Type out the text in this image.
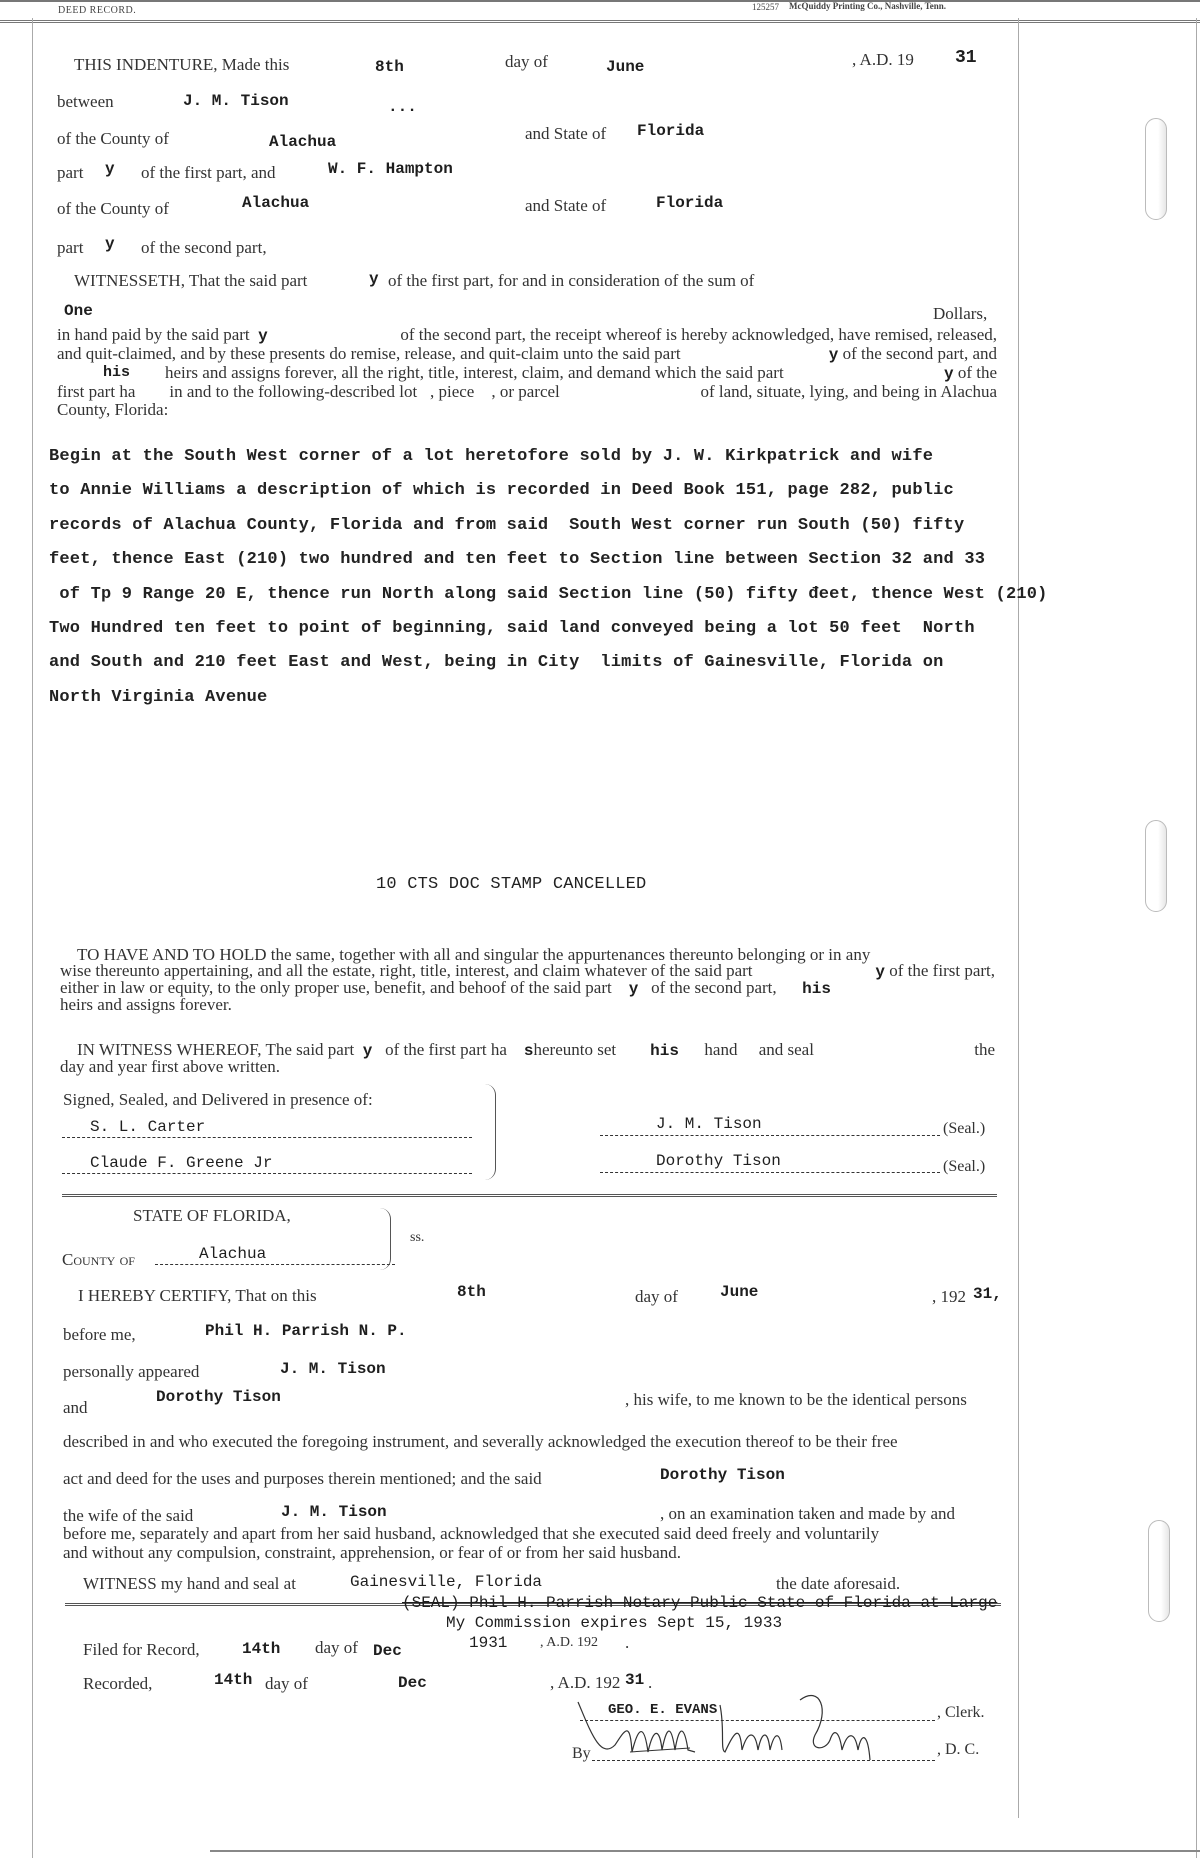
DEED RECORD.	125257 McQuiddy Printing Co., Nashville, Tenn.
THIS INDENTURE, Made this	8th	day of	June	, A.D. 19 31
between	J. M. Tison	...
of the County of	Alachua	and State of Florida
part y of the first part, and	W. F. Hampton
of the County of	Alachua	and State of	Florida
part y of the second part,
WITNESSETH, That the said part	y of the first part, for and in consideration of the sum of
One	Dollars,
in hand paid by the said part y	of the second part, the receipt whereof is hereby acknowledged, have remised, released,
and quit-claimed, and by these presents do remise, release, and quit-claim unto the said part	y of the second part, and
his heirs and assigns forever, all the right, title, interest, claim, and demand which the said part	y of the
first part ha in and to the following-described lot , piece , or parcel	of land, situate, lying, and being in Alachua
County, Florida:
Begin at the South West corner of a lot heretofore sold by J. W. Kirkpatrick and wife
to Annie Williams a description of which is recorded in Deed Book 151, page 282, public
records of Alachua County, Florida and from said  South West corner run South (50) fifty
feet, thence East (210) two hundred and ten feet to Section line between Section 32 and 33
of Tp 9 Range 20 E, thence run North along said Section line (50) fifty đeet, thence West (210)
Two Hundred ten feet to point of beginning, said land conveyed being a lot 50 feet  North
and South and 210 feet East and West, being in City  limits of Gainesville, Florida on
North Virginia Avenue
10 CTS DOC STAMP CANCELLED
TO HAVE AND TO HOLD the same, together with all and singular the appurtenances thereunto belonging or in any
wise thereunto appertaining, and all the estate, right, title, interest, and claim whatever of the said part	y of the first part,
either in law or equity, to the only proper use, benefit, and behoof of the said part y of the second part, his
heirs and assigns forever.
IN WITNESS WHEREOF, The said part y of the first part ha shereunto set his hand and seal	the
day and year first above written.
Signed, Sealed, and Delivered in presence of:
S. L. Carter
Claude F. Greene Jr
J. M. Tison	(Seal.)
Dorothy Tison	(Seal.)
STATE OF FLORIDA,
County of	Alachua
ss.
I HEREBY CERTIFY, That on this	8th	day of	June	, 192 31,
before me,	Phil H. Parrish N. P.
personally appeared	J. M. Tison
and
Dorothy Tison	, his wife, to me known to be the identical persons
described in and who executed the foregoing instrument, and severally acknowledged the execution thereof to be their free
act and deed for the uses and purposes therein mentioned; and the said	Dorothy Tison
the wife of the said	J. M. Tison	, on an examination taken and made by and
before me, separately and apart from her said husband, acknowledged that she executed said deed freely and voluntarily
and without any compulsion, constraint, apprehension, or fear of or from her said husband.
WITNESS my hand and seal at	Gainesville, Florida	the date aforesaid.
(SEAL) Phil H. Parrish Notary Public State of Florida at Large
My Commission expires Sept 15, 1933
Filed for Record,	14th day of Dec	1931 , A.D. 192 .
Recorded,	14th day of	Dec	, A.D. 192 31 .
GEO. E. EVANS	, Clerk.
By	, D. C.
